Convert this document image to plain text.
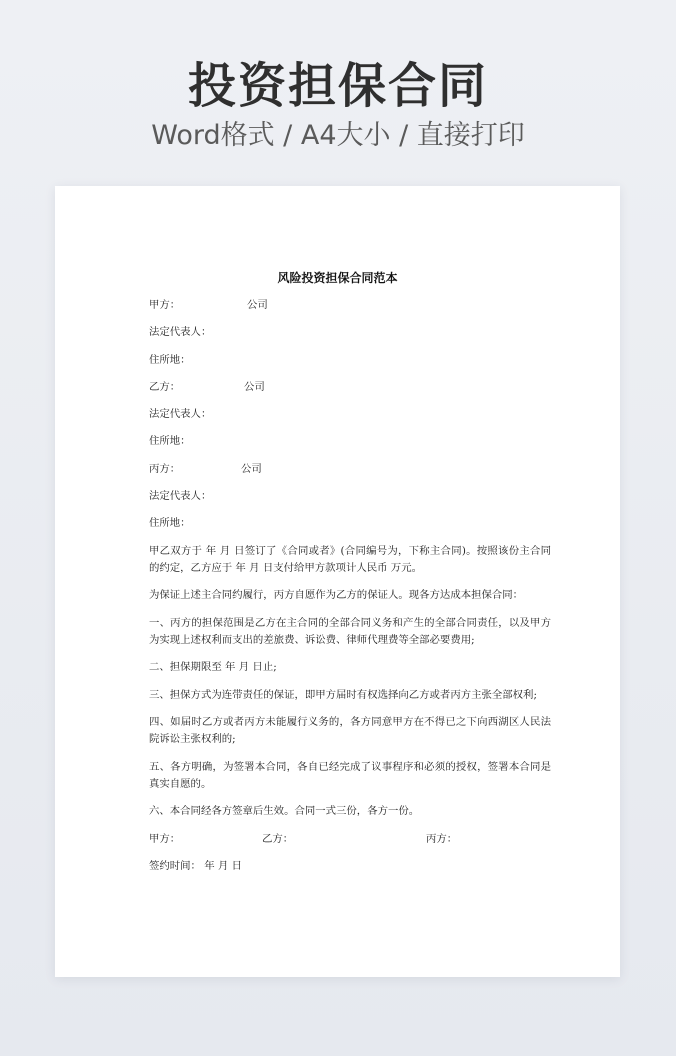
投资担保合同
Word格式 / A4大小 / 直接打印
风险投资担保合同范本
甲方：	公司
法定代表人：
住所地：
乙方：	公司
法定代表人：
住所地：
丙方：	公司
法定代表人：
住所地：

甲乙双方于 年 月 日签订了《合同或者》(合同编号为，下称主合同)。按照该份主合同的约定，乙方应于 年 月 日支付给甲方款项计人民币 万元。

为保证上述主合同约履行，丙方自愿作为乙方的保证人。现各方达成本担保合同：

一、丙方的担保范围是乙方在主合同的全部合同义务和产生的全部合同责任，以及甲方为实现上述权利而支出的差旅费、诉讼费、律师代理费等全部必要费用;

二、担保期限至 年 月 日止;

三、担保方式为连带责任的保证，即甲方届时有权选择向乙方或者丙方主张全部权利;

四、如届时乙方或者丙方未能履行义务的，各方同意甲方在不得已之下向西湖区人民法院诉讼主张权利的;

五、各方明确，为签署本合同，各自已经完成了议事程序和必须的授权，签署本合同是真实自愿的。

六、本合同经各方签章后生效。合同一式三份，各方一份。

甲方：	乙方：	丙方：
签约时间： 年 月 日
